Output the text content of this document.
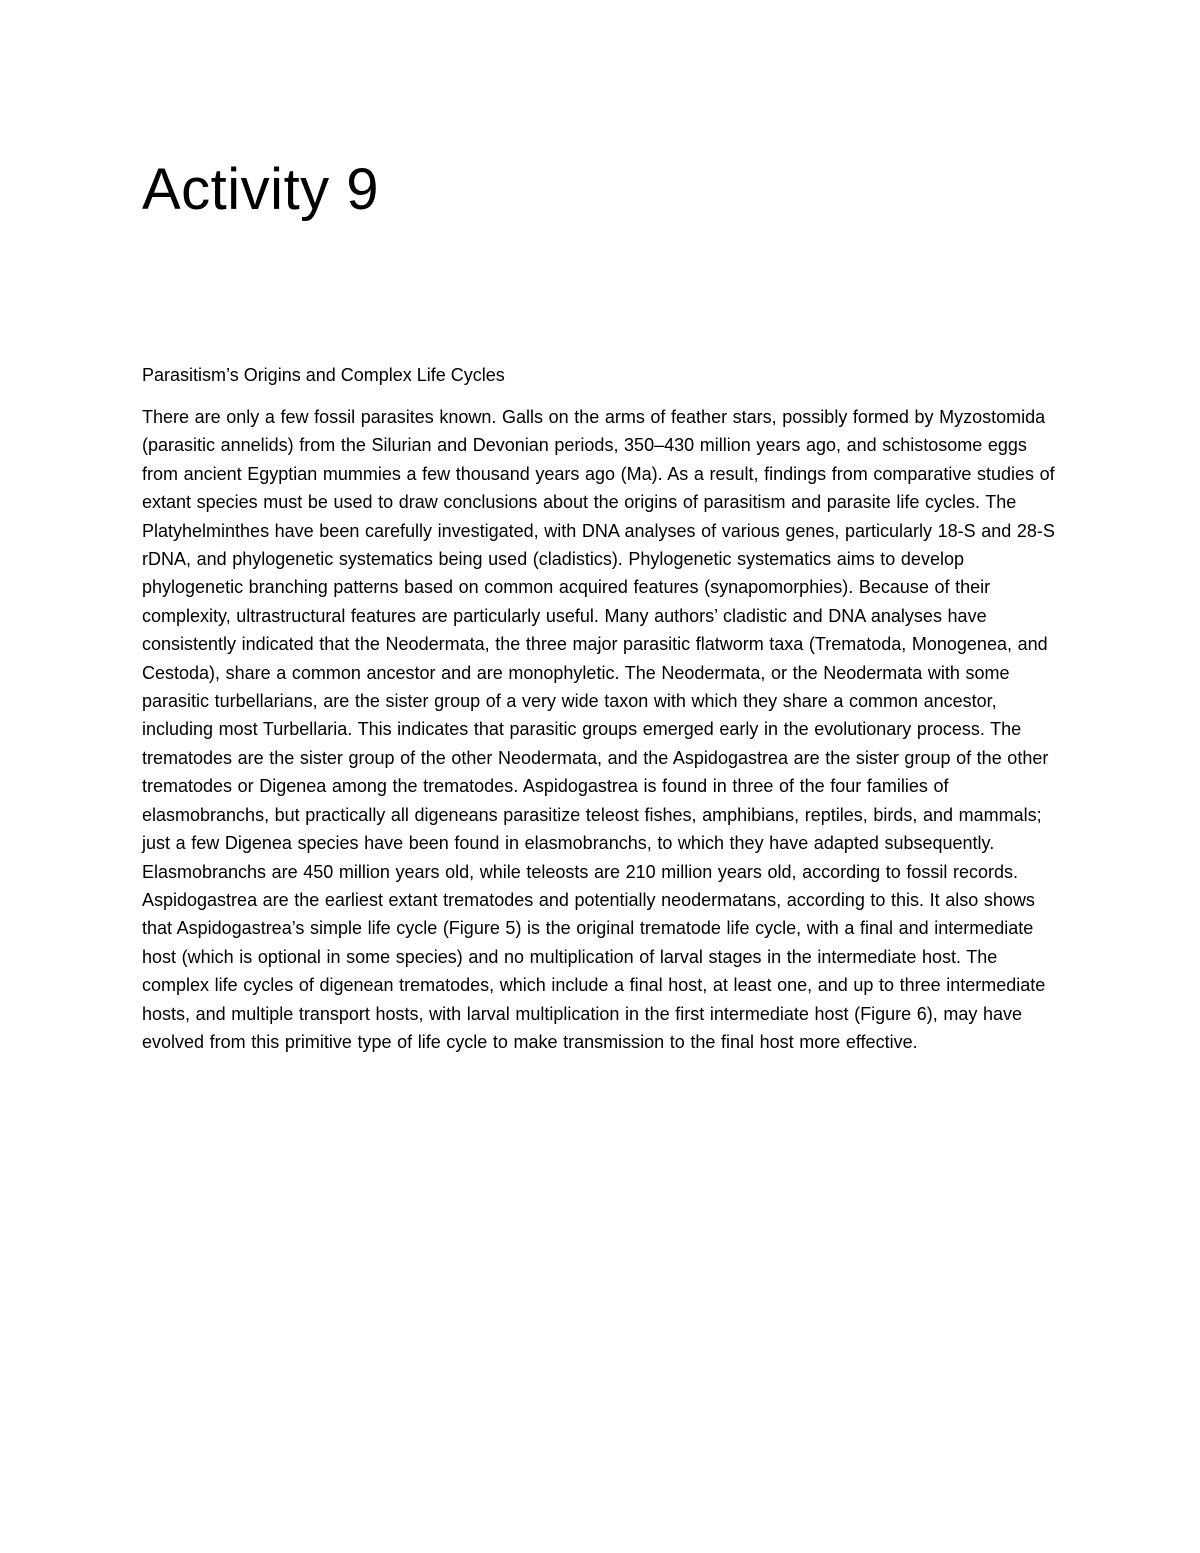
Activity 9

Parasitism’s Origins and Complex Life Cycles

There are only a few fossil parasites known. Galls on the arms of feather stars, possibly formed by Myzostomida (parasitic annelids) from the Silurian and Devonian periods, 350–430 million years ago, and schistosome eggs from ancient Egyptian mummies a few thousand years ago (Ma). As a result, findings from comparative studies of extant species must be used to draw conclusions about the origins of parasitism and parasite life cycles. The Platyhelminthes have been carefully investigated, with DNA analyses of various genes, particularly 18-S and 28-S rDNA, and phylogenetic systematics being used (cladistics). Phylogenetic systematics aims to develop phylogenetic branching patterns based on common acquired features (synapomorphies). Because of their complexity, ultrastructural features are particularly useful. Many authors’ cladistic and DNA analyses have consistently indicated that the Neodermata, the three major parasitic flatworm taxa (Trematoda, Monogenea, and Cestoda), share a common ancestor and are monophyletic. The Neodermata, or the Neodermata with some parasitic turbellarians, are the sister group of a very wide taxon with which they share a common ancestor, including most Turbellaria. This indicates that parasitic groups emerged early in the evolutionary process. The trematodes are the sister group of the other Neodermata, and the Aspidogastrea are the sister group of the other trematodes or Digenea among the trematodes. Aspidogastrea is found in three of the four families of elasmobranchs, but practically all digeneans parasitize teleost fishes, amphibians, reptiles, birds, and mammals; just a few Digenea species have been found in elasmobranchs, to which they have adapted subsequently. Elasmobranchs are 450 million years old, while teleosts are 210 million years old, according to fossil records. Aspidogastrea are the earliest extant trematodes and potentially neodermatans, according to this. It also shows that Aspidogastrea’s simple life cycle (Figure 5) is the original trematode life cycle, with a final and intermediate host (which is optional in some species) and no multiplication of larval stages in the intermediate host. The complex life cycles of digenean trematodes, which include a final host, at least one, and up to three intermediate hosts, and multiple transport hosts, with larval multiplication in the first intermediate host (Figure 6), may have evolved from this primitive type of life cycle to make transmission to the final host more effective.
